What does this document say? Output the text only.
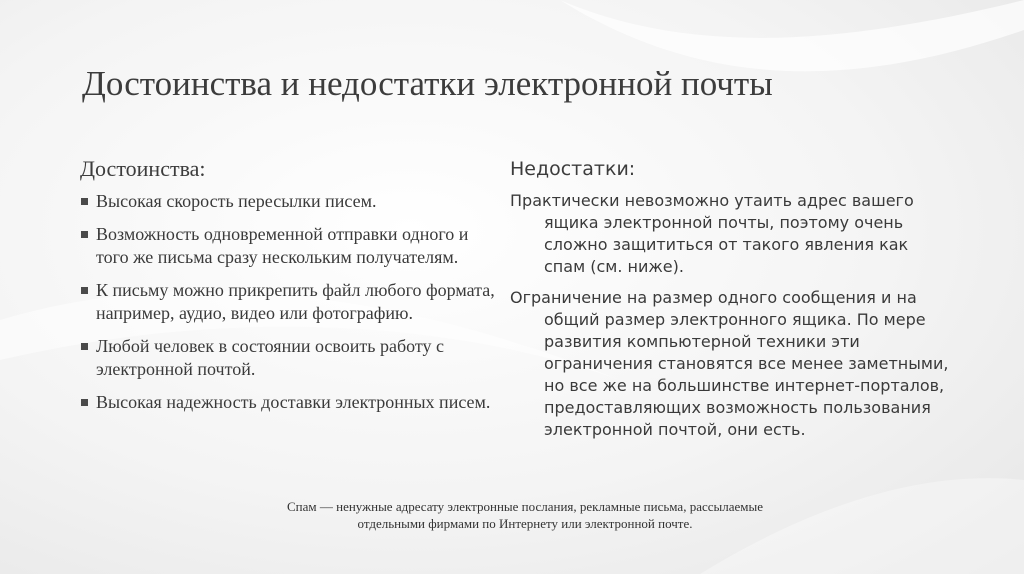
Достоинства и недостатки электронной почты
Достоинства:
Высокая скорость пересылки писем.
Возможность одновременной отправки одного и того же письма сразу нескольким получателям.
К письму можно прикрепить файл любого формата, например, аудио, видео или фотографию.
Любой человек в состоянии освоить работу с электронной почтой.
Высокая надежность доставки электронных писем.
Недостатки:

Практически невозможно утаить адрес вашего ящика электронной почты, поэтому очень сложно защититься от такого явления как спам (см. ниже).

Ограничение на размер одного сообщения и на общий размер электронного ящика. По мере развития компьютерной техники эти ограничения становятся все менее заметными, но все же на большинстве интернет-порталов, предоставляющих возможность пользования электронной почтой, они есть.

Спам — ненужные адресату электронные послания, рекламные письма, рассылаемые отдельными фирмами по Интернету или электронной почте.
